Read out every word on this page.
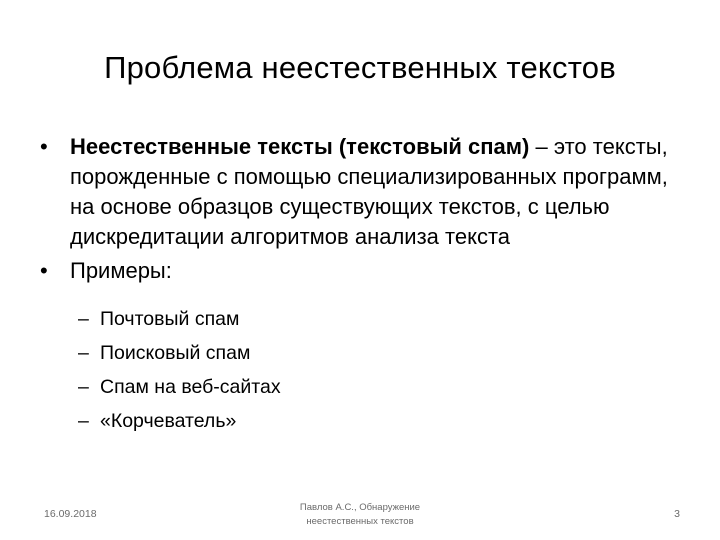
Проблема неестественных текстов
•	Неестественные тексты (текстовый спам) – это тексты, порожденные с помощью специализированных программ, на основе образцов существующих текстов, с целью дискредитации алгоритмов анализа текста
•	Примеры:
– Почтовый спам
– Поисковый спам
– Спам на веб-сайтах
– «Корчеватель»
16.09.2018
Павлов А.С., Обнаружение неестественных текстов
3
